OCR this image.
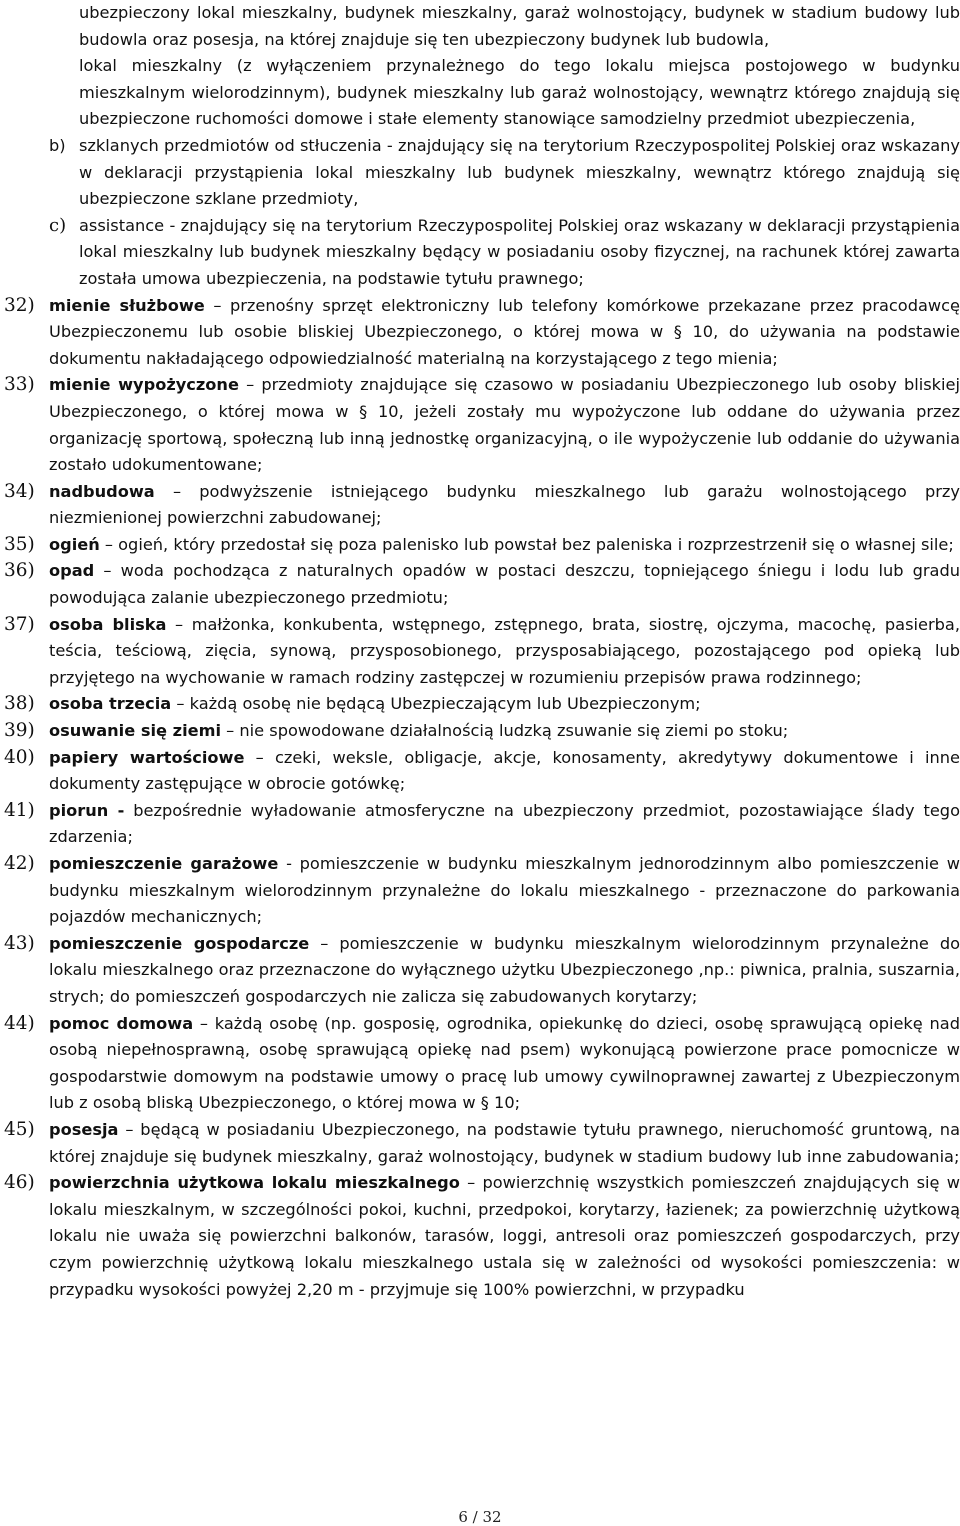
ubezpieczony lokal mieszkalny, budynek mieszkalny, garaż wolnostojący, budynek w stadium budowy lub budowla oraz posesja, na której znajduje się ten ubezpieczony budynek lub budowla,
lokal mieszkalny (z wyłączeniem przynależnego do tego lokalu miejsca postojowego w budynku mieszkalnym wielorodzinnym), budynek mieszkalny lub garaż wolnostojący, wewnątrz którego znajdują się ubezpieczone ruchomości domowe i stałe elementy stanowiące samodzielny przedmiot ubezpieczenia,
b) szklanych przedmiotów od stłuczenia - znajdujący się na terytorium Rzeczypospolitej Polskiej oraz wskazany w deklaracji przystąpienia lokal mieszkalny lub budynek mieszkalny, wewnątrz którego znajdują się ubezpieczone szklane przedmioty,
c) assistance - znajdujący się na terytorium Rzeczypospolitej Polskiej oraz wskazany w deklaracji przystąpienia lokal mieszkalny lub budynek mieszkalny będący w posiadaniu osoby fizycznej, na rachunek której zawarta została umowa ubezpieczenia, na podstawie tytułu prawnego;
32) mienie służbowe – przenośny sprzęt elektroniczny lub telefony komórkowe przekazane przez pracodawcę Ubezpieczonemu lub osobie bliskiej Ubezpieczonego, o której mowa w § 10, do używania na podstawie dokumentu nakładającego odpowiedzialność materialną na korzystającego z tego mienia;
33) mienie wypożyczone – przedmioty znajdujące się czasowo w posiadaniu Ubezpieczonego lub osoby bliskiej Ubezpieczonego, o której mowa w § 10, jeżeli zostały mu wypożyczone lub oddane do używania przez organizację sportową, społeczną lub inną jednostkę organizacyjną, o ile wypożyczenie lub oddanie do używania zostało udokumentowane;
34) nadbudowa – podwyższenie istniejącego budynku mieszkalnego lub garażu wolnostojącego przy niezmienionej powierzchni zabudowanej;
35) ogień – ogień, który przedostał się poza palenisko lub powstał bez paleniska i rozprzestrzenił się o własnej sile;
36) opad – woda pochodząca z naturalnych opadów w postaci deszczu, topniejącego śniegu i lodu lub gradu powodująca zalanie ubezpieczonego przedmiotu;
37) osoba bliska – małżonka, konkubenta, wstępnego, zstępnego, brata, siostrę, ojczyma, macochę, pasierba, teścia, teściową, zięcia, synową, przysposobionego, przysposabiającego, pozostającego pod opieką lub przyjętego na wychowanie w ramach rodziny zastępczej w rozumieniu przepisów prawa rodzinnego;
38) osoba trzecia – każdą osobę nie będącą Ubezpieczającym lub Ubezpieczonym;
39) osuwanie się ziemi – nie spowodowane działalnością ludzką zsuwanie się ziemi po stoku;
40) papiery wartościowe – czeki, weksle, obligacje, akcje, konosamenty, akredytywy dokumentowe i inne dokumenty zastępujące w obrocie gotówkę;
41) piorun - bezpośrednie wyładowanie atmosferyczne na ubezpieczony przedmiot, pozostawiające ślady tego zdarzenia;
42) pomieszczenie garażowe - pomieszczenie w budynku mieszkalnym jednorodzinnym albo pomieszczenie w budynku mieszkalnym wielorodzinnym przynależne do lokalu mieszkalnego - przeznaczone do parkowania pojazdów mechanicznych;
43) pomieszczenie gospodarcze – pomieszczenie w budynku mieszkalnym wielorodzinnym przynależne do lokalu mieszkalnego oraz przeznaczone do wyłącznego użytku Ubezpieczonego ,np.: piwnica, pralnia, suszarnia, strych; do pomieszczeń gospodarczych nie zalicza się zabudowanych korytarzy;
44) pomoc domowa – każdą osobę (np. gosposię, ogrodnika, opiekunkę do dzieci, osobę sprawującą opiekę nad osobą niepełnosprawną, osobę sprawującą opiekę nad psem) wykonującą powierzone prace pomocnicze w gospodarstwie domowym na podstawie umowy o pracę lub umowy cywilnoprawnej zawartej z Ubezpieczonym lub z osobą bliską Ubezpieczonego, o której mowa w § 10;
45) posesja – będącą w posiadaniu Ubezpieczonego, na podstawie tytułu prawnego, nieruchomość gruntową, na której znajduje się budynek mieszkalny, garaż wolnostojący, budynek w stadium budowy lub inne zabudowania;
46) powierzchnia użytkowa lokalu mieszkalnego – powierzchnię wszystkich pomieszczeń znajdujących się w lokalu mieszkalnym, w szczególności pokoi, kuchni, przedpokoi, korytarzy, łazienek; za powierzchnię użytkową lokalu nie uważa się powierzchni balkonów, tarasów, loggi, antresoli oraz pomieszczeń gospodarczych, przy czym powierzchnię użytkową lokalu mieszkalnego ustala się w zależności od wysokości pomieszczenia: w przypadku wysokości powyżej 2,20 m - przyjmuje się 100% powierzchni, w przypadku
6 / 32
